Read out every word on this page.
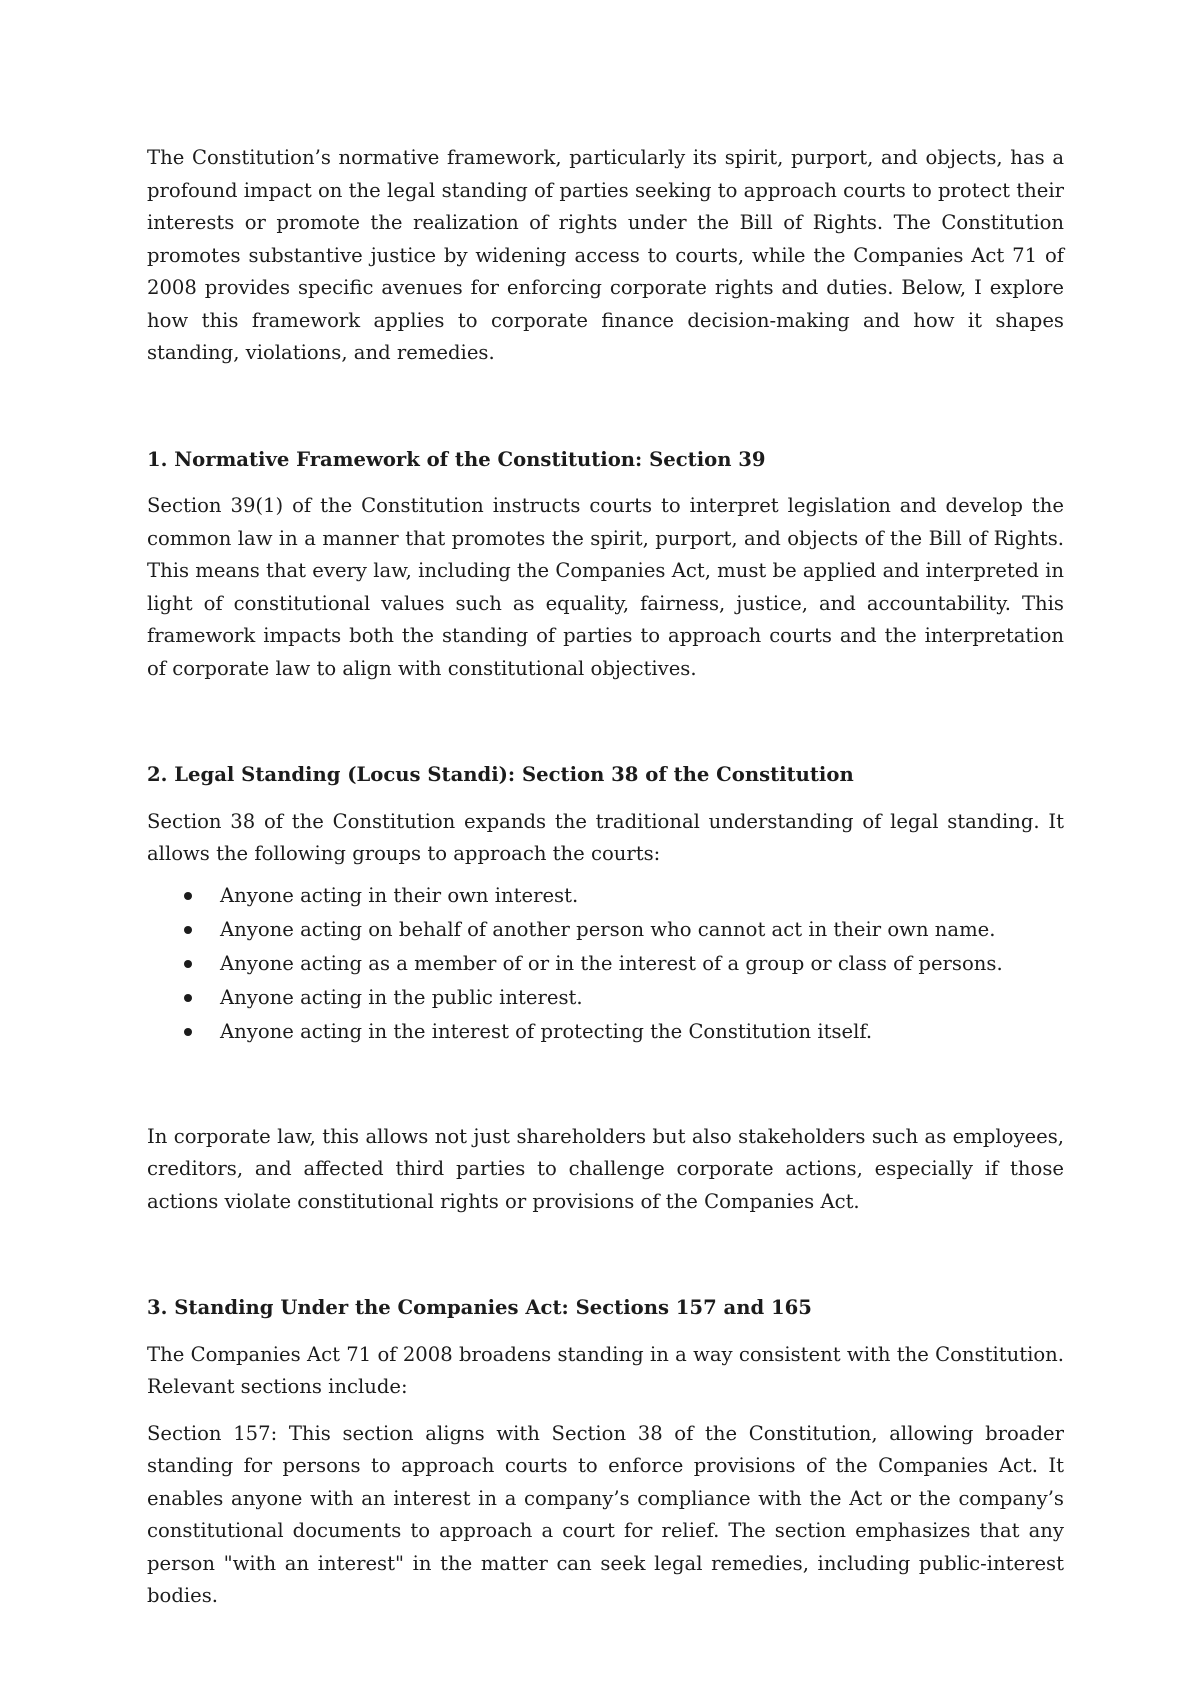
The Constitution’s normative framework, particularly its spirit, purport, and objects, has a profound impact on the legal standing of parties seeking to approach courts to protect their interests or promote the realization of rights under the Bill of Rights. The Constitution promotes substantive justice by widening access to courts, while the Companies Act 71 of 2008 provides specific avenues for enforcing corporate rights and duties. Below, I explore how this framework applies to corporate finance decision-making and how it shapes standing, violations, and remedies.

1. Normative Framework of the Constitution: Section 39

Section 39(1) of the Constitution instructs courts to interpret legislation and develop the common law in a manner that promotes the spirit, purport, and objects of the Bill of Rights. This means that every law, including the Companies Act, must be applied and interpreted in light of constitutional values such as equality, fairness, justice, and accountability. This framework impacts both the standing of parties to approach courts and the interpretation of corporate law to align with constitutional objectives.

2. Legal Standing (Locus Standi): Section 38 of the Constitution

Section 38 of the Constitution expands the traditional understanding of legal standing. It allows the following groups to approach the courts:

Anyone acting in their own interest.
Anyone acting on behalf of another person who cannot act in their own name.
Anyone acting as a member of or in the interest of a group or class of persons.
Anyone acting in the public interest.
Anyone acting in the interest of protecting the Constitution itself.

In corporate law, this allows not just shareholders but also stakeholders such as employees, creditors, and affected third parties to challenge corporate actions, especially if those actions violate constitutional rights or provisions of the Companies Act.

3. Standing Under the Companies Act: Sections 157 and 165

The Companies Act 71 of 2008 broadens standing in a way consistent with the Constitution. Relevant sections include:

Section 157: This section aligns with Section 38 of the Constitution, allowing broader standing for persons to approach courts to enforce provisions of the Companies Act. It enables anyone with an interest in a company’s compliance with the Act or the company’s constitutional documents to approach a court for relief. The section emphasizes that any person "with an interest" in the matter can seek legal remedies, including public-interest bodies.
